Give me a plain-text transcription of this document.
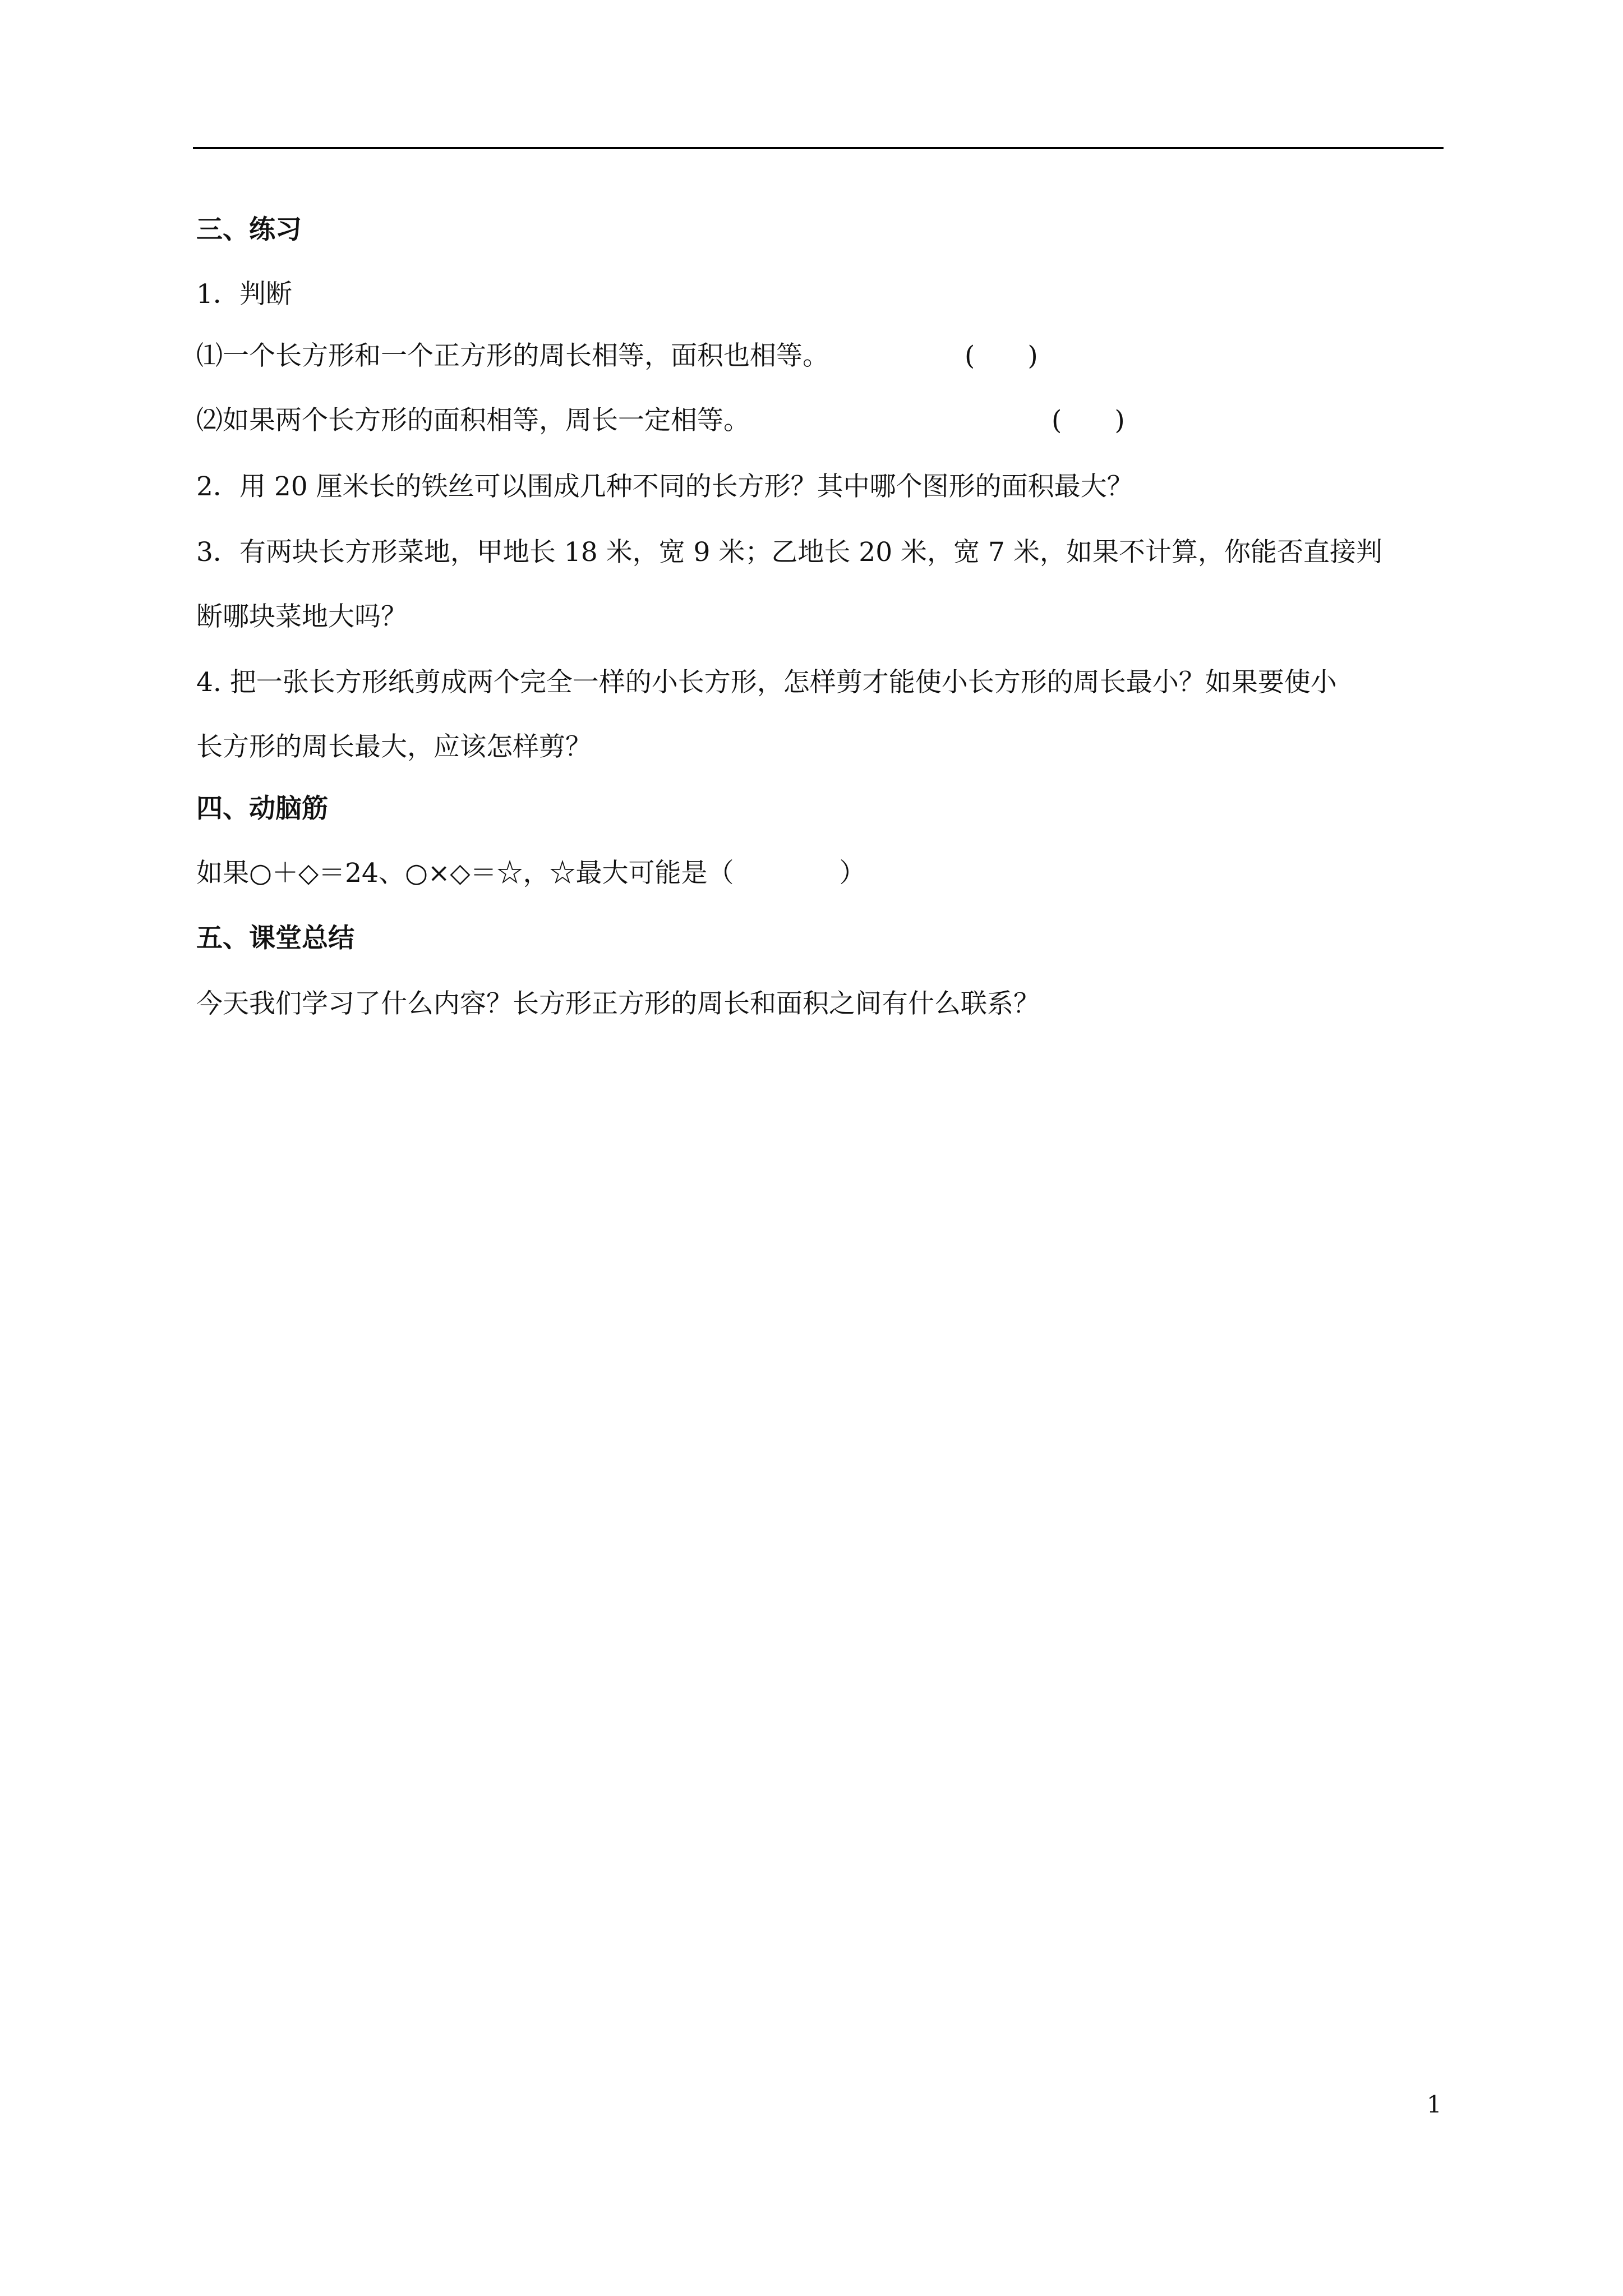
三、练习
1．判断
⑴一个长方形和一个正方形的周长相等，面积也相等。	(　　)
⑵如果两个长方形的面积相等，周长一定相等。	(　　)
2．用 20 厘米长的铁丝可以围成几种不同的长方形？其中哪个图形的面积最大？
3．有两块长方形菜地，甲地长 18 米，宽 9 米；乙地长 20 米，宽 7 米，如果不计算，你能否直接判
断哪块菜地大吗？
4. 把一张长方形纸剪成两个完全一样的小长方形，怎样剪才能使小长方形的周长最小？如果要使小
长方形的周长最大，应该怎样剪？
四、动脑筋
如果○＋◇＝24、○×◇＝☆，☆最大可能是（　　　　）
五、课堂总结
今天我们学习了什么内容？长方形正方形的周长和面积之间有什么联系？
1
